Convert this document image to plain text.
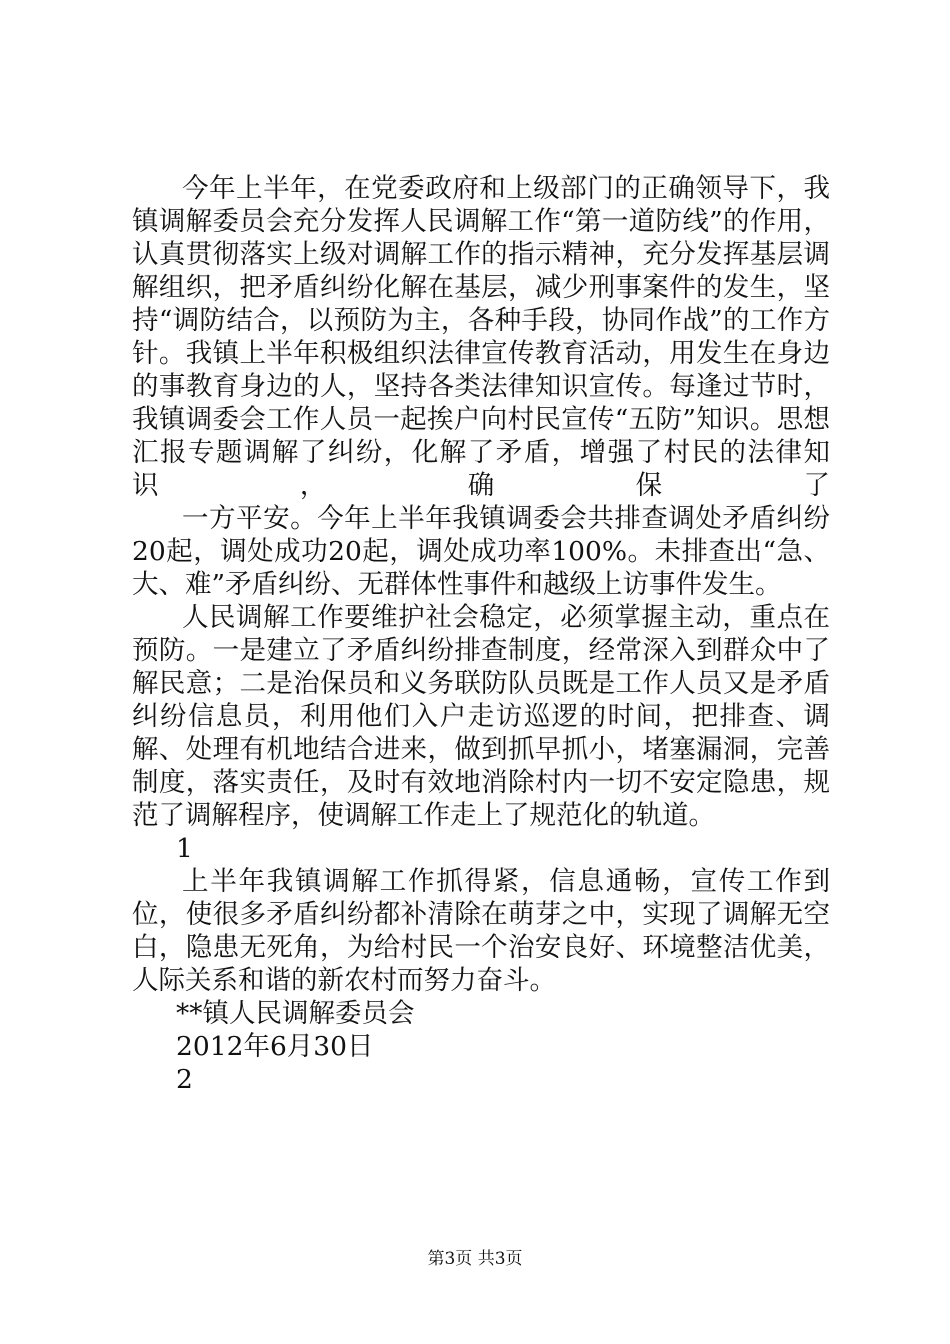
今年上半年，在党委政府和上级部门的正确领导下，我镇调解委员会充分发挥人民调解工作“第一道防线”的作用，认真贯彻落实上级对调解工作的指示精神，充分发挥基层调解组织，把矛盾纠纷化解在基层，减少刑事案件的发生，坚持“调防结合，以预防为主，各种手段，协同作战”的工作方针。我镇上半年积极组织法律宣传教育活动，用发生在身边的事教育身边的人，坚持各类法律知识宣传。每逢过节时，我镇调委会工作人员一起挨户向村民宣传“五防”知识。思想汇报专题调解了纠纷，化解了矛盾，增强了村民的法律知识，确保了

一方平安。今年上半年我镇调委会共排查调处矛盾纠纷20起，调处成功20起，调处成功率100%。未排查出“急、大、难”矛盾纠纷、无群体性事件和越级上访事件发生。

人民调解工作要维护社会稳定，必须掌握主动，重点在预防。一是建立了矛盾纠纷排查制度，经常深入到群众中了解民意；二是治保员和义务联防队员既是工作人员又是矛盾纠纷信息员，利用他们入户走访巡逻的时间，把排查、调解、处理有机地结合进来，做到抓早抓小，堵塞漏洞，完善制度，落实责任，及时有效地消除村内一切不安定隐患，规范了调解程序，使调解工作走上了规范化的轨道。

1

上半年我镇调解工作抓得紧，信息通畅，宣传工作到位，使很多矛盾纠纷都补清除在萌芽之中，实现了调解无空白，隐患无死角，为给村民一个治安良好、环境整洁优美，人际关系和谐的新农村而努力奋斗。

**镇人民调解委员会

2012年6月30日

2

第3页 共3页
